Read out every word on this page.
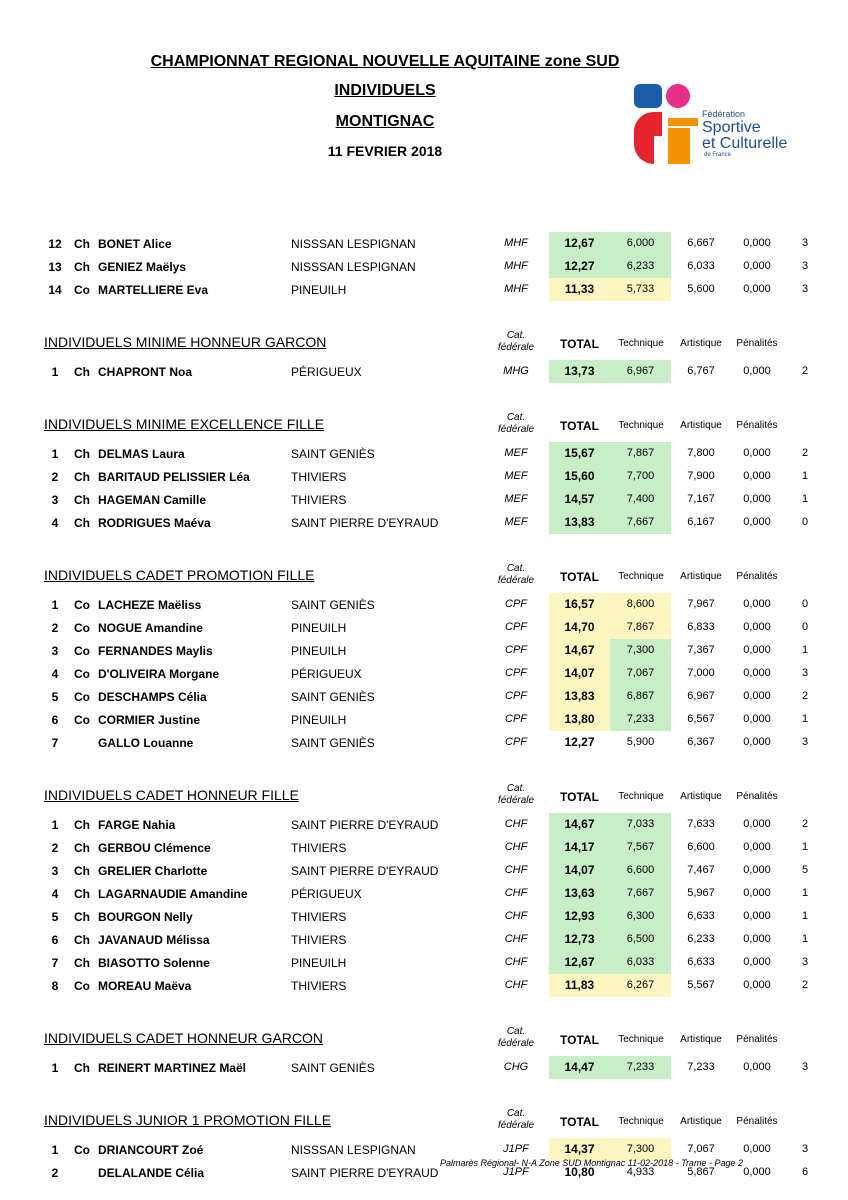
CHAMPIONNAT REGIONAL NOUVELLE AQUITAINE zone SUD
INDIVIDUELS
MONTIGNAC
11 FEVRIER 2018
Fédération
Sportive
et Culturelle
de France
12	Ch BONET Alice	NISSSAN LESPIGNAN	MHF	12,67	6,000	6,667	0,000	3
13	Ch GENIEZ Maëlys	NISSSAN LESPIGNAN	MHF	12,27	6,233	6,033	0,000	3
14	Co MARTELLIERE Eva	PINEUILH	MHF	11,33	5,733	5,600	0,000	3
INDIVIDUELS MINIME HONNEUR GARCON	Cat.
fédérale	TOTAL	Technique	Artistique	Pénalités
1	Ch CHAPRONT Noa	PÉRIGUEUX	MHG	13,73	6,967	6,767	0,000	2
INDIVIDUELS MINIME EXCELLENCE FILLE	Cat.
fédérale	TOTAL	Technique	Artistique	Pénalités
1	Ch DELMAS Laura	SAINT GENIÈS	MEF	15,67	7,867	7,800	0,000	2
2	Ch BARITAUD PELISSIER Léa	THIVIERS	MEF	15,60	7,700	7,900	0,000	1
3	Ch HAGEMAN Camille	THIVIERS	MEF	14,57	7,400	7,167	0,000	1
4	Ch RODRIGUES Maéva	SAINT PIERRE D'EYRAUD	MEF	13,83	7,667	6,167	0,000	0
INDIVIDUELS CADET PROMOTION FILLE	Cat.
fédérale	TOTAL	Technique	Artistique	Pénalités
1	Co LACHEZE Maëliss	SAINT GENIÈS	CPF	16,57	8,600	7,967	0,000	0
2	Co NOGUE Amandine	PINEUILH	CPF	14,70	7,867	6,833	0,000	0
3	Co FERNANDES Maylis	PINEUILH	CPF	14,67	7,300	7,367	0,000	1
4	Co D'OLIVEIRA Morgane	PÉRIGUEUX	CPF	14,07	7,067	7,000	0,000	3
5	Co DESCHAMPS Célia	SAINT GENIÈS	CPF	13,83	6,867	6,967	0,000	2
6	Co CORMIER Justine	PINEUILH	CPF	13,80	7,233	6,567	0,000	1
7	GALLO Louanne	SAINT GENIÈS	CPF	12,27	5,900	6,367	0,000	3
INDIVIDUELS CADET HONNEUR FILLE	Cat.
fédérale	TOTAL	Technique	Artistique	Pénalités
1	Ch FARGE Nahia	SAINT PIERRE D'EYRAUD	CHF	14,67	7,033	7,633	0,000	2
2	Ch GERBOU Clémence	THIVIERS	CHF	14,17	7,567	6,600	0,000	1
3	Ch GRELIER Charlotte	SAINT PIERRE D'EYRAUD	CHF	14,07	6,600	7,467	0,000	5
4	Ch LAGARNAUDIE Amandine	PÉRIGUEUX	CHF	13,63	7,667	5,967	0,000	1
5	Ch BOURGON Nelly	THIVIERS	CHF	12,93	6,300	6,633	0,000	1
6	Ch JAVANAUD Mélissa	THIVIERS	CHF	12,73	6,500	6,233	0,000	1
7	Ch BIASOTTO Solenne	PINEUILH	CHF	12,67	6,033	6,633	0,000	3
8	Co MOREAU Maëva	THIVIERS	CHF	11,83	6,267	5,567	0,000	2
INDIVIDUELS CADET HONNEUR GARCON	Cat.
fédérale	TOTAL	Technique	Artistique	Pénalités
1	Ch REINERT MARTINEZ Maël	SAINT GENIÈS	CHG	14,47	7,233	7,233	0,000	3
INDIVIDUELS JUNIOR 1 PROMOTION FILLE	Cat.
fédérale	TOTAL	Technique	Artistique	Pénalités
1	Co DRIANCOURT Zoé	NISSSAN LESPIGNAN	J1PF	14,37	7,300	7,067	0,000	3
2	DELALANDE Célia	SAINT PIERRE D'EYRAUD	J1PF	10,80	4,933	5,867	0,000	6
Palmarès Régional- N-A Zone SUD Montignac 11-02-2018 - Trame - Page 2
